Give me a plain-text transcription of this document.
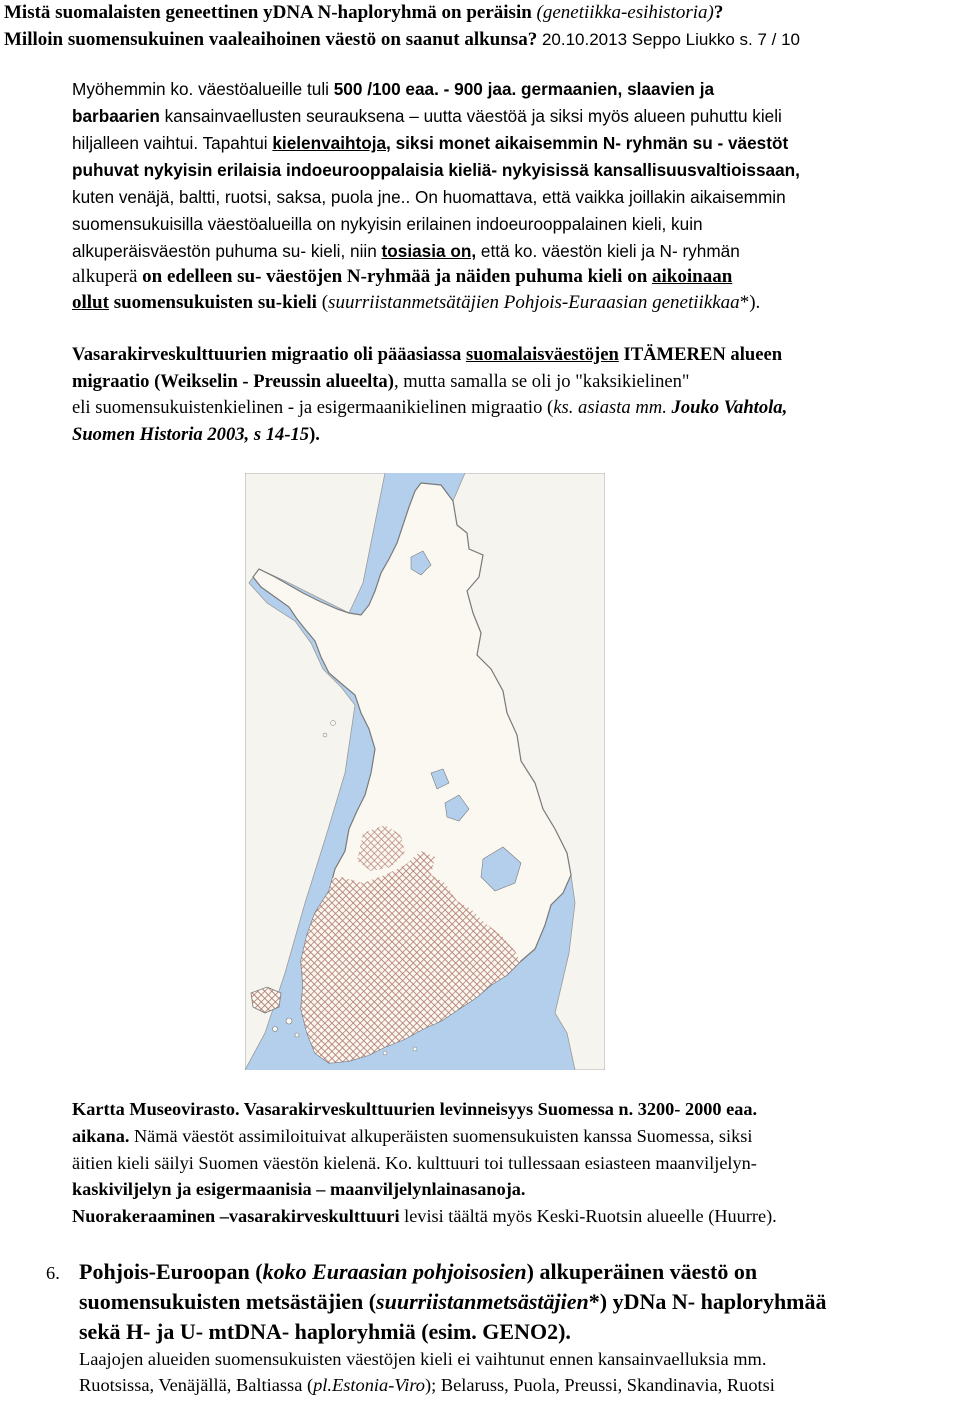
Mistä suomalaisten geneettinen yDNA N-haploryhmä on peräisin (genetiikka-esihistoria)?
Milloin suomensukuinen vaaleaihoinen väestö on saanut alkunsa? 20.10.2013 Seppo Liukko s. 7 / 10
Myöhemmin ko. väestöalueille tuli 500 /100 eaa. - 900 jaa. germaanien, slaavien ja
barbaarien kansainvaellusten seurauksena – uutta väestöä ja siksi myös alueen puhuttu kieli
hiljalleen vaihtui. Tapahtui kielenvaihtoja, siksi monet aikaisemmin N- ryhmän su - väestöt
puhuvat nykyisin erilaisia indoeurooppalaisia kieliä- nykyisissä kansallisuusvaltioissaan,
kuten venäjä, baltti, ruotsi, saksa, puola jne.. On huomattava, että vaikka joillakin aikaisemmin
suomensukuisilla väestöalueilla on nykyisin erilainen indoeurooppalainen kieli, kuin
alkuperäisväestön puhuma su- kieli, niin tosiasia on, että ko. väestön kieli ja N- ryhmän
alkuperä on edelleen su- väestöjen N-ryhmää ja näiden puhuma kieli on aikoinaan
ollut suomensukuisten su-kieli (suurriistanmetsätäjien Pohjois-Euraasian genetiikkaa*).
Vasarakirveskulttuurien migraatio oli pääasiassa suomalaisväestöjen ITÄMEREN alueen
migraatio (Weikselin - Preussin alueelta), mutta samalla se oli jo "kaksikielinen"
eli suomensukuistenkielinen - ja esigermaanikielinen migraatio (ks. asiasta mm. Jouko Vahtola,
Suomen Historia 2003, s 14-15).
Kartta Museovirasto. Vasarakirveskulttuurien levinneisyys Suomessa n. 3200- 2000 eaa.
aikana. Nämä väestöt assimiloituivat alkuperäisten suomensukuisten kanssa Suomessa, siksi
äitien kieli säilyi Suomen väestön kielenä. Ko. kulttuuri toi tullessaan esiasteen maanviljelyn-
kaskiviljelyn ja esigermaanisia – maanviljelynlainasanoja.
Nuorakeraaminen –vasarakirveskulttuuri levisi täältä myös Keski-Ruotsin alueelle (Huurre).
6. Pohjois-Euroopan (koko Euraasian pohjoisosien) alkuperäinen väestö on
suomensukuisten metsästäjien (suurriistanmetsästäjien*) yDNa N- haploryhmää
sekä H- ja U- mtDNA- haploryhmiä (esim. GENO2).
Laajojen alueiden suomensukuisten väestöjen kieli ei vaihtunut ennen kansainvaelluksia mm.
Ruotsissa, Venäjällä, Baltiassa (pl.Estonia-Viro); Belaruss, Puola, Preussi, Skandinavia, Ruotsi
